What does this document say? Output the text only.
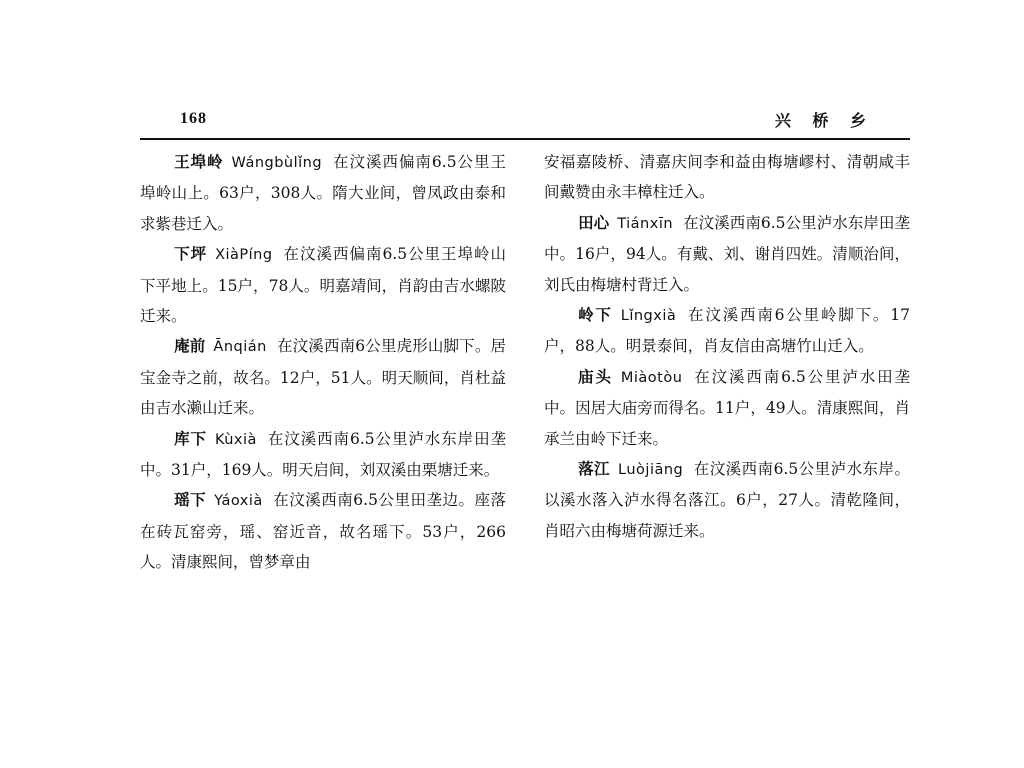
168	兴 桥 乡

王埠岭 Wángbùlǐng 在汶溪西偏南6.5公里王埠岭山上。63户，308人。隋大业间，曾凤政由泰和求紫巷迁入。

下坪 XiàPíng 在汶溪西偏南6.5公里王埠岭山下平地上。15户，78人。明嘉靖间，肖韵由吉水螺陂迁来。

庵前 Ānqián 在汶溪西南6公里虎形山脚下。居宝金寺之前，故名。12户，51人。明天顺间，肖杜益由吉水濑山迁来。

库下 Kùxià 在汶溪西南6.5公里泸水东岸田垄中。31户，169人。明天启间，刘双溪由栗塘迁来。

瑶下 Yáoxià 在汶溪西南6.5公里田垄边。座落在砖瓦窑旁，瑶、窑近音，故名瑶下。53户，266人。清康熙间，曾梦章由

安福嘉陵桥、清嘉庆间李和益由梅塘嵺村、清朝咸丰间戴赞由永丰樟柱迁入。

田心 Tiánxīn 在汶溪西南6.5公里泸水东岸田垄中。16户，94人。有戴、刘、谢肖四姓。清顺治间，刘氏由梅塘村背迁入。

岭下 Lǐngxià 在汶溪西南6公里岭脚下。17户，88人。明景泰间，肖友信由高塘竹山迁入。

庙头 Miàotòu 在汶溪西南6.5公里泸水田垄中。因居大庙旁而得名。11户，49人。清康熙间，肖承兰由岭下迁来。

落江 Luòjiāng 在汶溪西南6.5公里泸水东岸。以溪水落入泸水得名落江。6户，27人。清乾隆间，肖昭六由梅塘荷源迁来。
